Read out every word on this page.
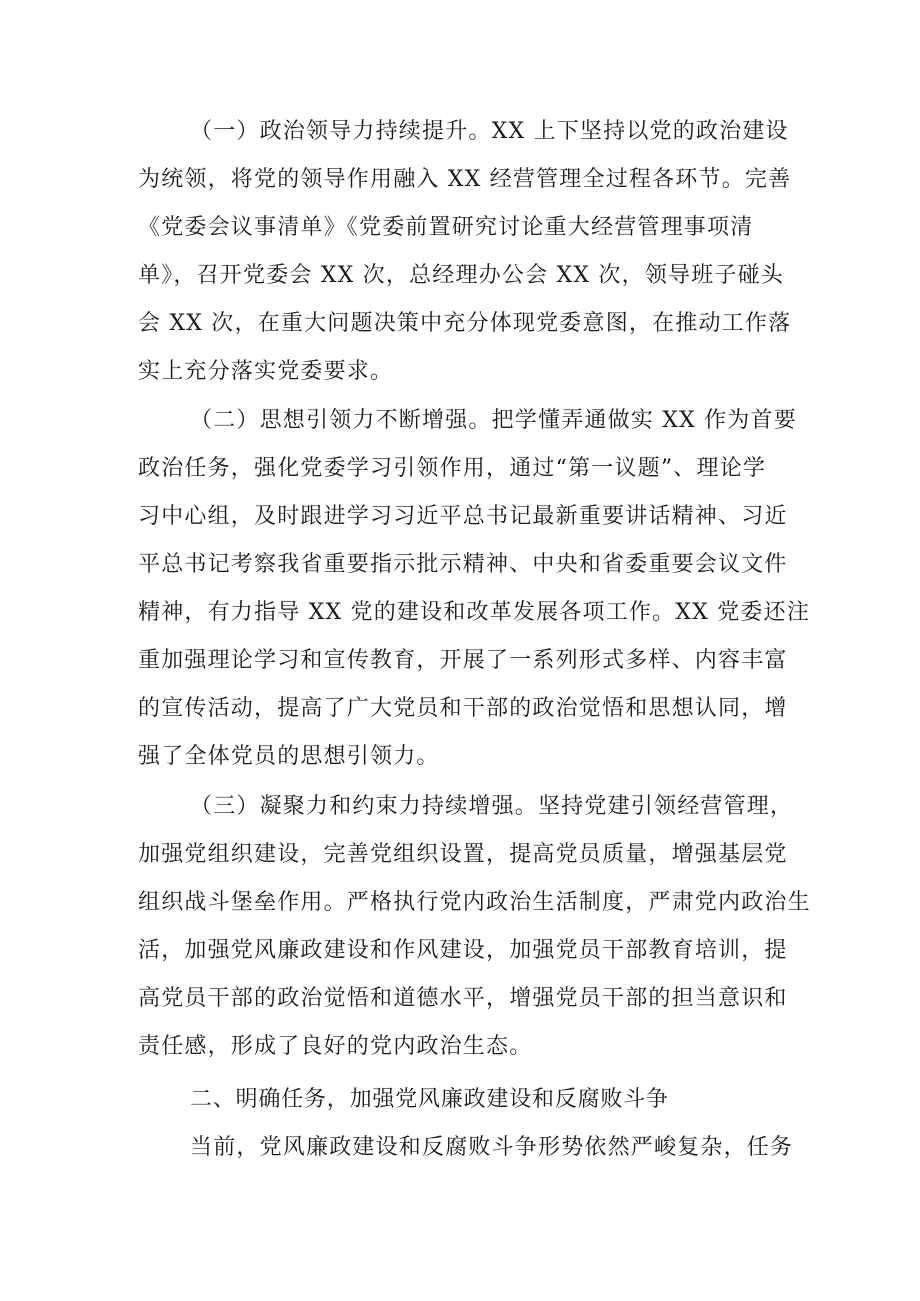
（一）政治领导力持续提升。XX 上下坚持以党的政治建设
为统领，将党的领导作用融入 XX 经营管理全过程各环节。完善
《党委会议事清单》《党委前置研究讨论重大经营管理事项清
单》，召开党委会 XX 次，总经理办公会 XX 次，领导班子碰头
会 XX 次，在重大问题决策中充分体现党委意图，在推动工作落
实上充分落实党委要求。
（二）思想引领力不断增强。把学懂弄通做实 XX 作为首要
政治任务，强化党委学习引领作用，通过“第一议题”、理论学
习中心组，及时跟进学习习近平总书记最新重要讲话精神、习近
平总书记考察我省重要指示批示精神、中央和省委重要会议文件
精神，有力指导 XX 党的建设和改革发展各项工作。XX 党委还注
重加强理论学习和宣传教育，开展了一系列形式多样、内容丰富
的宣传活动，提高了广大党员和干部的政治觉悟和思想认同，增
强了全体党员的思想引领力。
（三）凝聚力和约束力持续增强。坚持党建引领经营管理，
加强党组织建设，完善党组织设置，提高党员质量，增强基层党
组织战斗堡垒作用。严格执行党内政治生活制度，严肃党内政治生
活，加强党风廉政建设和作风建设，加强党员干部教育培训，提
高党员干部的政治觉悟和道德水平，增强党员干部的担当意识和
责任感，形成了良好的党内政治生态。
二、明确任务，加强党风廉政建设和反腐败斗争
当前，党风廉政建设和反腐败斗争形势依然严峻复杂，任务
